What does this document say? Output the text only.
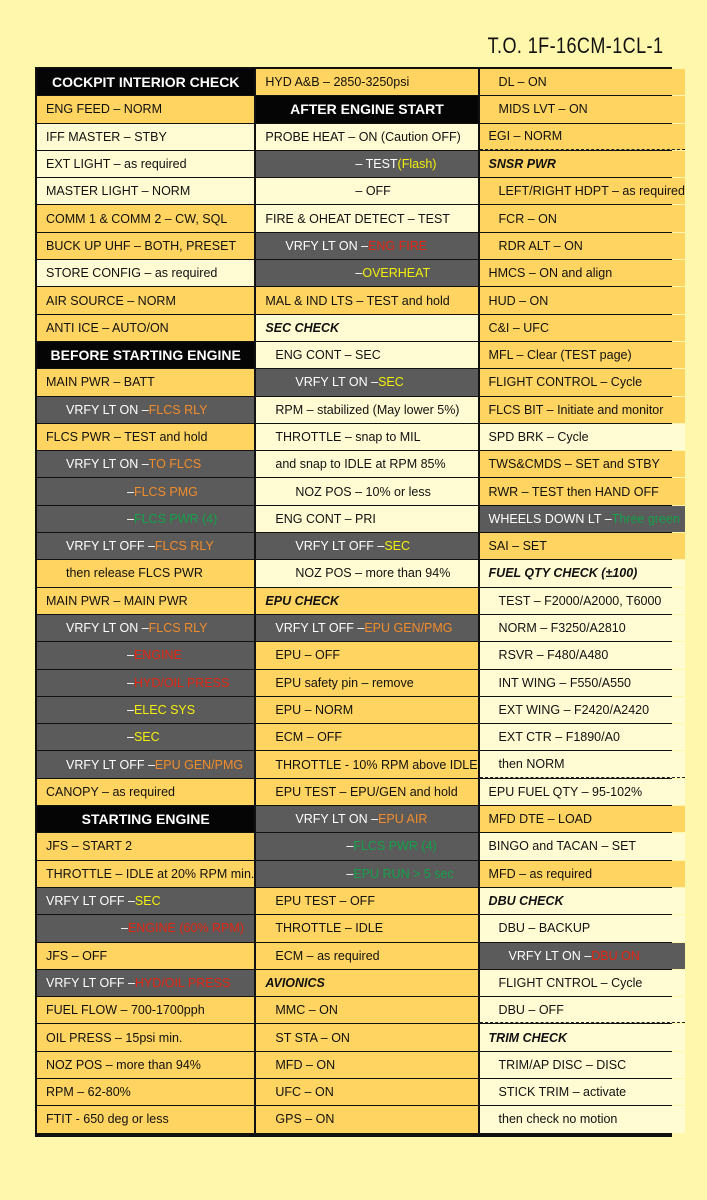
T.O. 1F-16CM-1CL-1
COCKPIT INTERIOR CHECK
ENG FEED – NORM
IFF MASTER – STBY
EXT LIGHT – as required
MASTER LIGHT – NORM
COMM 1 & COMM 2 – CW, SQL
BUCK UP UHF – BOTH, PRESET
STORE CONFIG – as required
AIR SOURCE – NORM
ANTI ICE – AUTO/ON
BEFORE STARTING ENGINE
MAIN PWR – BATT
VRFY LT ON – FLCS RLY
FLCS PWR – TEST and hold
VRFY LT ON – TO FLCS
– FLCS PMG
– FLCS PWR (4)
VRFY LT OFF – FLCS RLY
then release FLCS PWR
MAIN PWR – MAIN PWR
VRFY LT ON – FLCS RLY
– ENGINE
– HYD/OIL PRESS
– ELEC SYS
– SEC
VRFY LT OFF – EPU GEN/PMG
CANOPY – as required
STARTING ENGINE
JFS – START 2
THROTTLE – IDLE at 20% RPM min.
VRFY LT OFF – SEC
– ENGINE (60% RPM)
JFS – OFF
VRFY LT OFF – HYD/OIL PRESS
FUEL FLOW – 700-1700pph
OIL PRESS – 15psi min.
NOZ POS – more than 94%
RPM – 62-80%
FTIT - 650 deg or less
HYD A&B – 2850-3250psi
AFTER ENGINE START
PROBE HEAT – ON (Caution OFF)
– TEST (Flash)
– OFF
FIRE & OHEAT DETECT – TEST
VRFY LT ON – ENG FIRE
– OVERHEAT
MAL & IND LTS – TEST and hold
SEC CHECK
ENG CONT – SEC
VRFY LT ON – SEC
RPM – stabilized (May lower 5%)
THROTTLE – snap to MIL
and snap to IDLE at RPM 85%
NOZ POS – 10% or less
ENG CONT – PRI
VRFY LT OFF – SEC
NOZ POS – more than 94%
EPU CHECK
VRFY LT OFF – EPU GEN/PMG
EPU – OFF
EPU safety pin – remove
EPU – NORM
ECM – OFF
THROTTLE - 10% RPM above IDLE
EPU TEST – EPU/GEN and hold
VRFY LT ON – EPU AIR
– FLCS PWR (4)
– EPU RUN > 5 sec
EPU TEST – OFF
THROTTLE – IDLE
ECM – as required
AVIONICS
MMC – ON
ST STA – ON
MFD – ON
UFC – ON
GPS – ON
DL – ON
MIDS LVT – ON
EGI – NORM
SNSR PWR
LEFT/RIGHT HDPT – as required
FCR – ON
RDR ALT – ON
HMCS – ON and align
HUD – ON
C&I – UFC
MFL – Clear (TEST page)
FLIGHT CONTROL – Cycle
FLCS BIT – Initiate and monitor
SPD BRK – Cycle
TWS&CMDS – SET and STBY
RWR – TEST then HAND OFF
WHEELS DOWN LT – Three green
SAI – SET
FUEL QTY CHECK (±100)
TEST – F2000/A2000, T6000
NORM – F3250/A2810
RSVR – F480/A480
INT WING – F550/A550
EXT WING – F2420/A2420
EXT CTR – F1890/A0
then NORM
EPU FUEL QTY – 95-102%
MFD DTE – LOAD
BINGO and TACAN – SET
MFD – as required
DBU CHECK
DBU – BACKUP
VRFY LT ON – DBU ON
FLIGHT CNTROL – Cycle
DBU – OFF
TRIM CHECK
TRIM/AP DISC – DISC
STICK TRIM – activate
then check no motion
